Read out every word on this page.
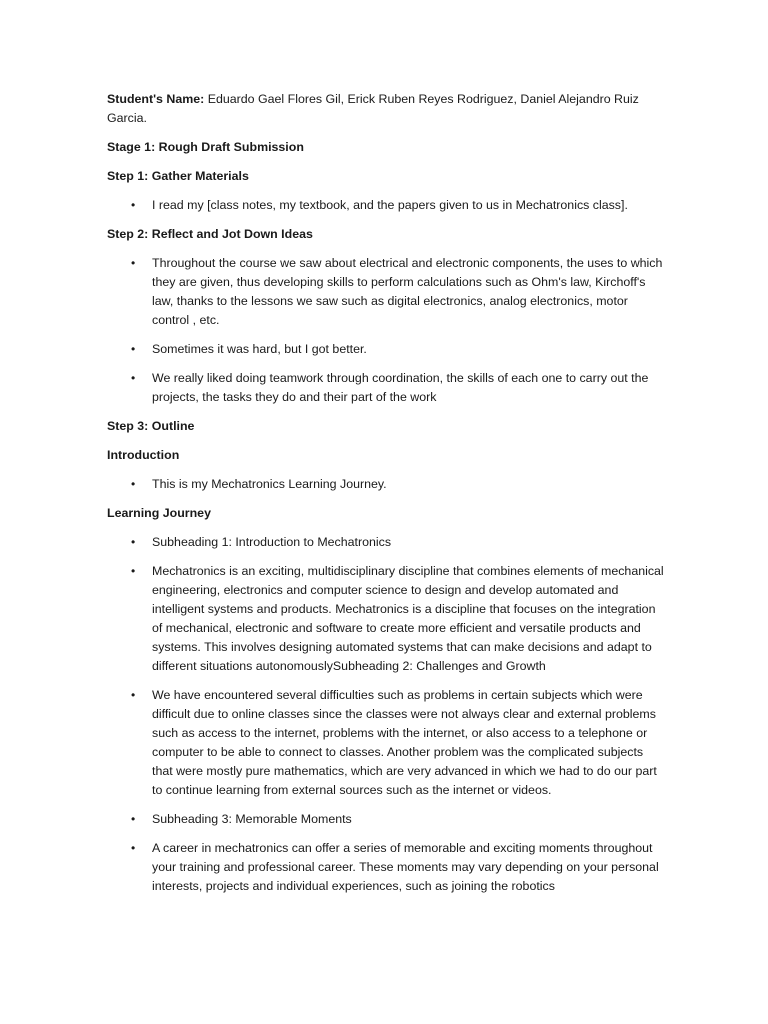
Student's Name: Eduardo Gael Flores Gil, Erick Ruben Reyes Rodriguez, Daniel Alejandro Ruiz Garcia.

Stage 1: Rough Draft Submission

Step 1: Gather Materials

• I read my [class notes, my textbook, and the papers given to us in Mechatronics class].

Step 2: Reflect and Jot Down Ideas

• Throughout the course we saw about electrical and electronic components, the uses to which they are given, thus developing skills to perform calculations such as Ohm's law, Kirchoff's law, thanks to the lessons we saw such as digital electronics, analog electronics, motor control , etc.
• Sometimes it was hard, but I got better.
• We really liked doing teamwork through coordination, the skills of each one to carry out the projects, the tasks they do and their part of the work

Step 3: Outline

Introduction

• This is my Mechatronics Learning Journey.

Learning Journey

• Subheading 1: Introduction to Mechatronics
• Mechatronics is an exciting, multidisciplinary discipline that combines elements of mechanical engineering, electronics and computer science to design and develop automated and intelligent systems and products. Mechatronics is a discipline that focuses on the integration of mechanical, electronic and software to create more efficient and versatile products and systems. This involves designing automated systems that can make decisions and adapt to different situations autonomouslySubheading 2: Challenges and Growth
• We have encountered several difficulties such as problems in certain subjects which were difficult due to online classes since the classes were not always clear and external problems such as access to the internet, problems with the internet, or also access to a telephone or computer to be able to connect to classes. Another problem was the complicated subjects that were mostly pure mathematics, which are very advanced in which we had to do our part to continue learning from external sources such as the internet or videos.
• Subheading 3: Memorable Moments
• A career in mechatronics can offer a series of memorable and exciting moments throughout your training and professional career. These moments may vary depending on your personal interests, projects and individual experiences, such as joining the robotics
